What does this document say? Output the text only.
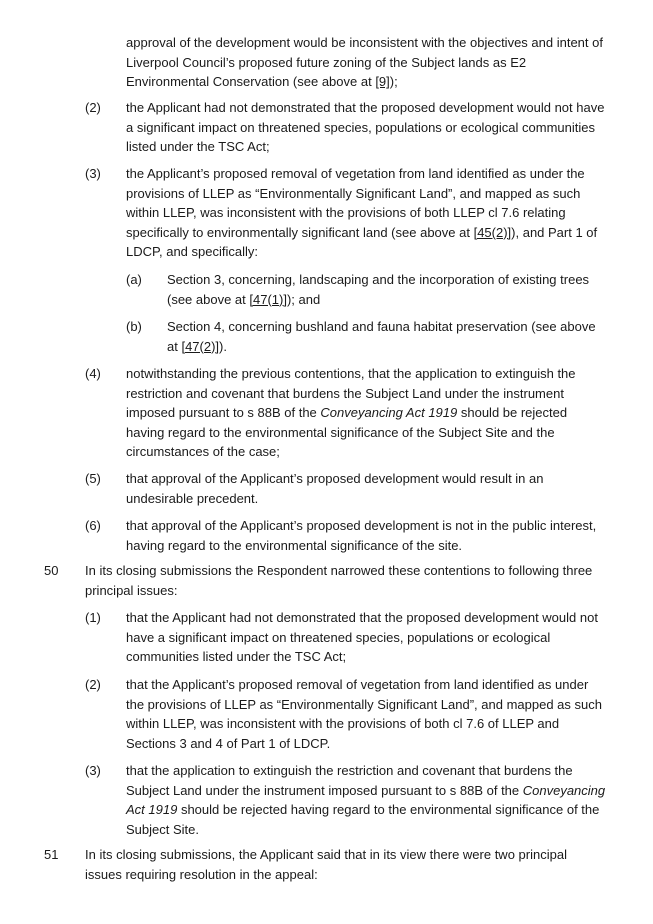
approval of the development would be inconsistent with the objectives and intent of Liverpool Council’s proposed future zoning of the Subject lands as E2 Environmental Conservation (see above at [9]);
(2) the Applicant had not demonstrated that the proposed development would not have a significant impact on threatened species, populations or ecological communities listed under the TSC Act;
(3) the Applicant’s proposed removal of vegetation from land identified as under the provisions of LLEP as “Environmentally Significant Land”, and mapped as such within LLEP, was inconsistent with the provisions of both LLEP cl 7.6 relating specifically to environmentally significant land (see above at [45(2)]), and Part 1 of LDCP, and specifically:
(a) Section 3, concerning, landscaping and the incorporation of existing trees (see above at [47(1)]); and
(b) Section 4, concerning bushland and fauna habitat preservation (see above at [47(2)]).
(4) notwithstanding the previous contentions, that the application to extinguish the restriction and covenant that burdens the Subject Land under the instrument imposed pursuant to s 88B of the Conveyancing Act 1919 should be rejected having regard to the environmental significance of the Subject Site and the circumstances of the case;
(5) that approval of the Applicant’s proposed development would result in an undesirable precedent.
(6) that approval of the Applicant’s proposed development is not in the public interest, having regard to the environmental significance of the site.
50 In its closing submissions the Respondent narrowed these contentions to following three principal issues:
(1) that the Applicant had not demonstrated that the proposed development would not have a significant impact on threatened species, populations or ecological communities listed under the TSC Act;
(2) that the Applicant’s proposed removal of vegetation from land identified as under the provisions of LLEP as “Environmentally Significant Land”, and mapped as such within LLEP, was inconsistent with the provisions of both cl 7.6 of LLEP and Sections 3 and 4 of Part 1 of LDCP.
(3) that the application to extinguish the restriction and covenant that burdens the Subject Land under the instrument imposed pursuant to s 88B of the Conveyancing Act 1919 should be rejected having regard to the environmental significance of the Subject Site.
51 In its closing submissions, the Applicant said that in its view there were two principal issues requiring resolution in the appeal:
